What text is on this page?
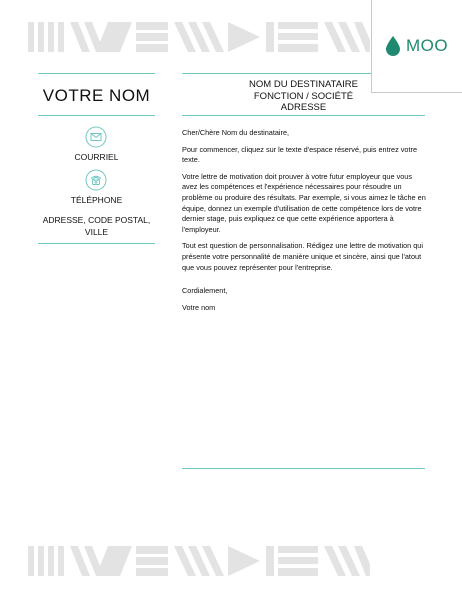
MOO
VOTRE NOM
COURRIEL
TÉLÉPHONE
ADRESSE, CODE POSTAL, VILLE
NOM DU DESTINATAIRE
FONCTION / SOCIÉTÉ
ADRESSE

Cher/Chère Nom du destinataire,

Pour commencer, cliquez sur le texte d'espace réservé, puis entrez votre texte.

Votre lettre de motivation doit prouver à votre futur employeur que vous avez les compétences et l'expérience nécessaires pour résoudre un problème ou produire des résultats. Par exemple, si vous aimez le tâche en équipe, donnez un exemple d'utilisation de cette compétence lors de votre dernier stage, puis expliquez ce que cette expérience apportera à l'employeur.

Tout est question de personnalisation. Rédigez une lettre de motivation qui présente votre personnalité de manière unique et sincère, ainsi que l'atout que vous pouvez représenter pour l'entreprise.

Cordialement,

Votre nom
